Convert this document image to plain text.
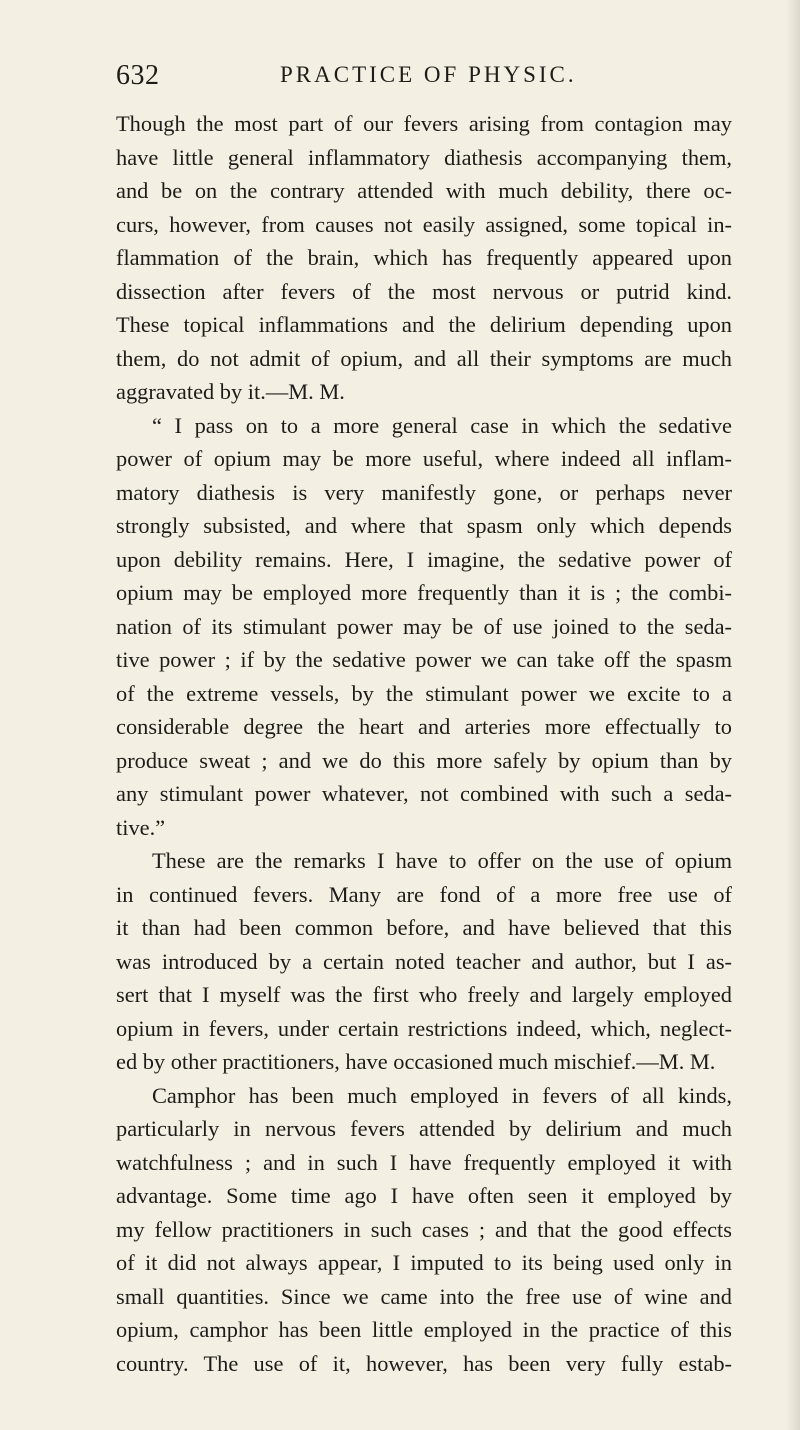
632	PRACTICE OF PHYSIC.
Though the most part of our fevers arising from contagion may
have little general inflammatory diathesis accompanying them,
and be on the contrary attended with much debility, there oc-
curs, however, from causes not easily assigned, some topical in-
flammation of the brain, which has frequently appeared upon
dissection after fevers of the most nervous or putrid kind.
These topical inflammations and the delirium depending upon
them, do not admit of opium, and all their symptoms are much
aggravated by it.—M. M.
“ I pass on to a more general case in which the sedative
power of opium may be more useful, where indeed all inflam-
matory diathesis is very manifestly gone, or perhaps never
strongly subsisted, and where that spasm only which depends
upon debility remains. Here, I imagine, the sedative power of
opium may be employed more frequently than it is ; the combi-
nation of its stimulant power may be of use joined to the seda-
tive power ; if by the sedative power we can take off the spasm
of the extreme vessels, by the stimulant power we excite to a
considerable degree the heart and arteries more effectually to
produce sweat ; and we do this more safely by opium than by
any stimulant power whatever, not combined with such a seda-
tive.”
These are the remarks I have to offer on the use of opium
in continued fevers. Many are fond of a more free use of
it than had been common before, and have believed that this
was introduced by a certain noted teacher and author, but I as-
sert that I myself was the first who freely and largely employed
opium in fevers, under certain restrictions indeed, which, neglect-
ed by other practitioners, have occasioned much mischief.—M. M.
Camphor has been much employed in fevers of all kinds,
particularly in nervous fevers attended by delirium and much
watchfulness ; and in such I have frequently employed it with
advantage. Some time ago I have often seen it employed by
my fellow practitioners in such cases ; and that the good effects
of it did not always appear, I imputed to its being used only in
small quantities. Since we came into the free use of wine and
opium, camphor has been little employed in the practice of this
country. The use of it, however, has been very fully estab-
